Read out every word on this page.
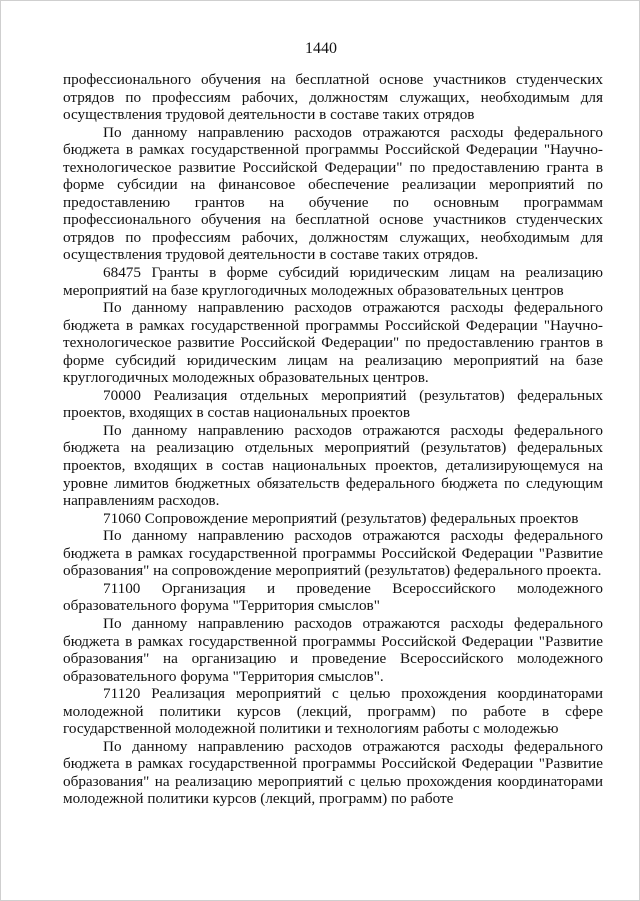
1440

профессионального обучения на бесплатной основе участников студенческих отрядов по профессиям рабочих, должностям служащих, необходимым для осуществления трудовой деятельности в составе таких отрядов

По данному направлению расходов отражаются расходы федерального бюджета в рамках государственной программы Российской Федерации "Научно-технологическое развитие Российской Федерации" по предоставлению гранта в форме субсидии на финансовое обеспечение реализации мероприятий по предоставлению грантов на обучение по основным программам профессионального обучения на бесплатной основе участников студенческих отрядов по профессиям рабочих, должностям служащих, необходимым для осуществления трудовой деятельности в составе таких отрядов.

68475 Гранты в форме субсидий юридическим лицам на реализацию мероприятий на базе круглогодичных молодежных образовательных центров

По данному направлению расходов отражаются расходы федерального бюджета в рамках государственной программы Российской Федерации "Научно-технологическое развитие Российской Федерации" по предоставлению грантов в форме субсидий юридическим лицам на реализацию мероприятий на базе круглогодичных молодежных образовательных центров.

70000 Реализация отдельных мероприятий (результатов) федеральных проектов, входящих в состав национальных проектов

По данному направлению расходов отражаются расходы федерального бюджета на реализацию отдельных мероприятий (результатов) федеральных проектов, входящих в состав национальных проектов, детализирующемуся на уровне лимитов бюджетных обязательств федерального бюджета по следующим направлениям расходов.

71060 Сопровождение мероприятий (результатов) федеральных проектов

По данному направлению расходов отражаются расходы федерального бюджета в рамках государственной программы Российской Федерации "Развитие образования" на сопровождение мероприятий (результатов) федерального проекта.

71100 Организация и проведение Всероссийского молодежного образовательного форума "Территория смыслов"

По данному направлению расходов отражаются расходы федерального бюджета в рамках государственной программы Российской Федерации "Развитие образования" на организацию и проведение Всероссийского молодежного образовательного форума "Территория смыслов".

71120 Реализация мероприятий с целью прохождения координаторами молодежной политики курсов (лекций, программ) по работе в сфере государственной молодежной политики и технологиям работы с молодежью

По данному направлению расходов отражаются расходы федерального бюджета в рамках государственной программы Российской Федерации "Развитие образования" на реализацию мероприятий с целью прохождения координаторами молодежной политики курсов (лекций, программ) по работе
